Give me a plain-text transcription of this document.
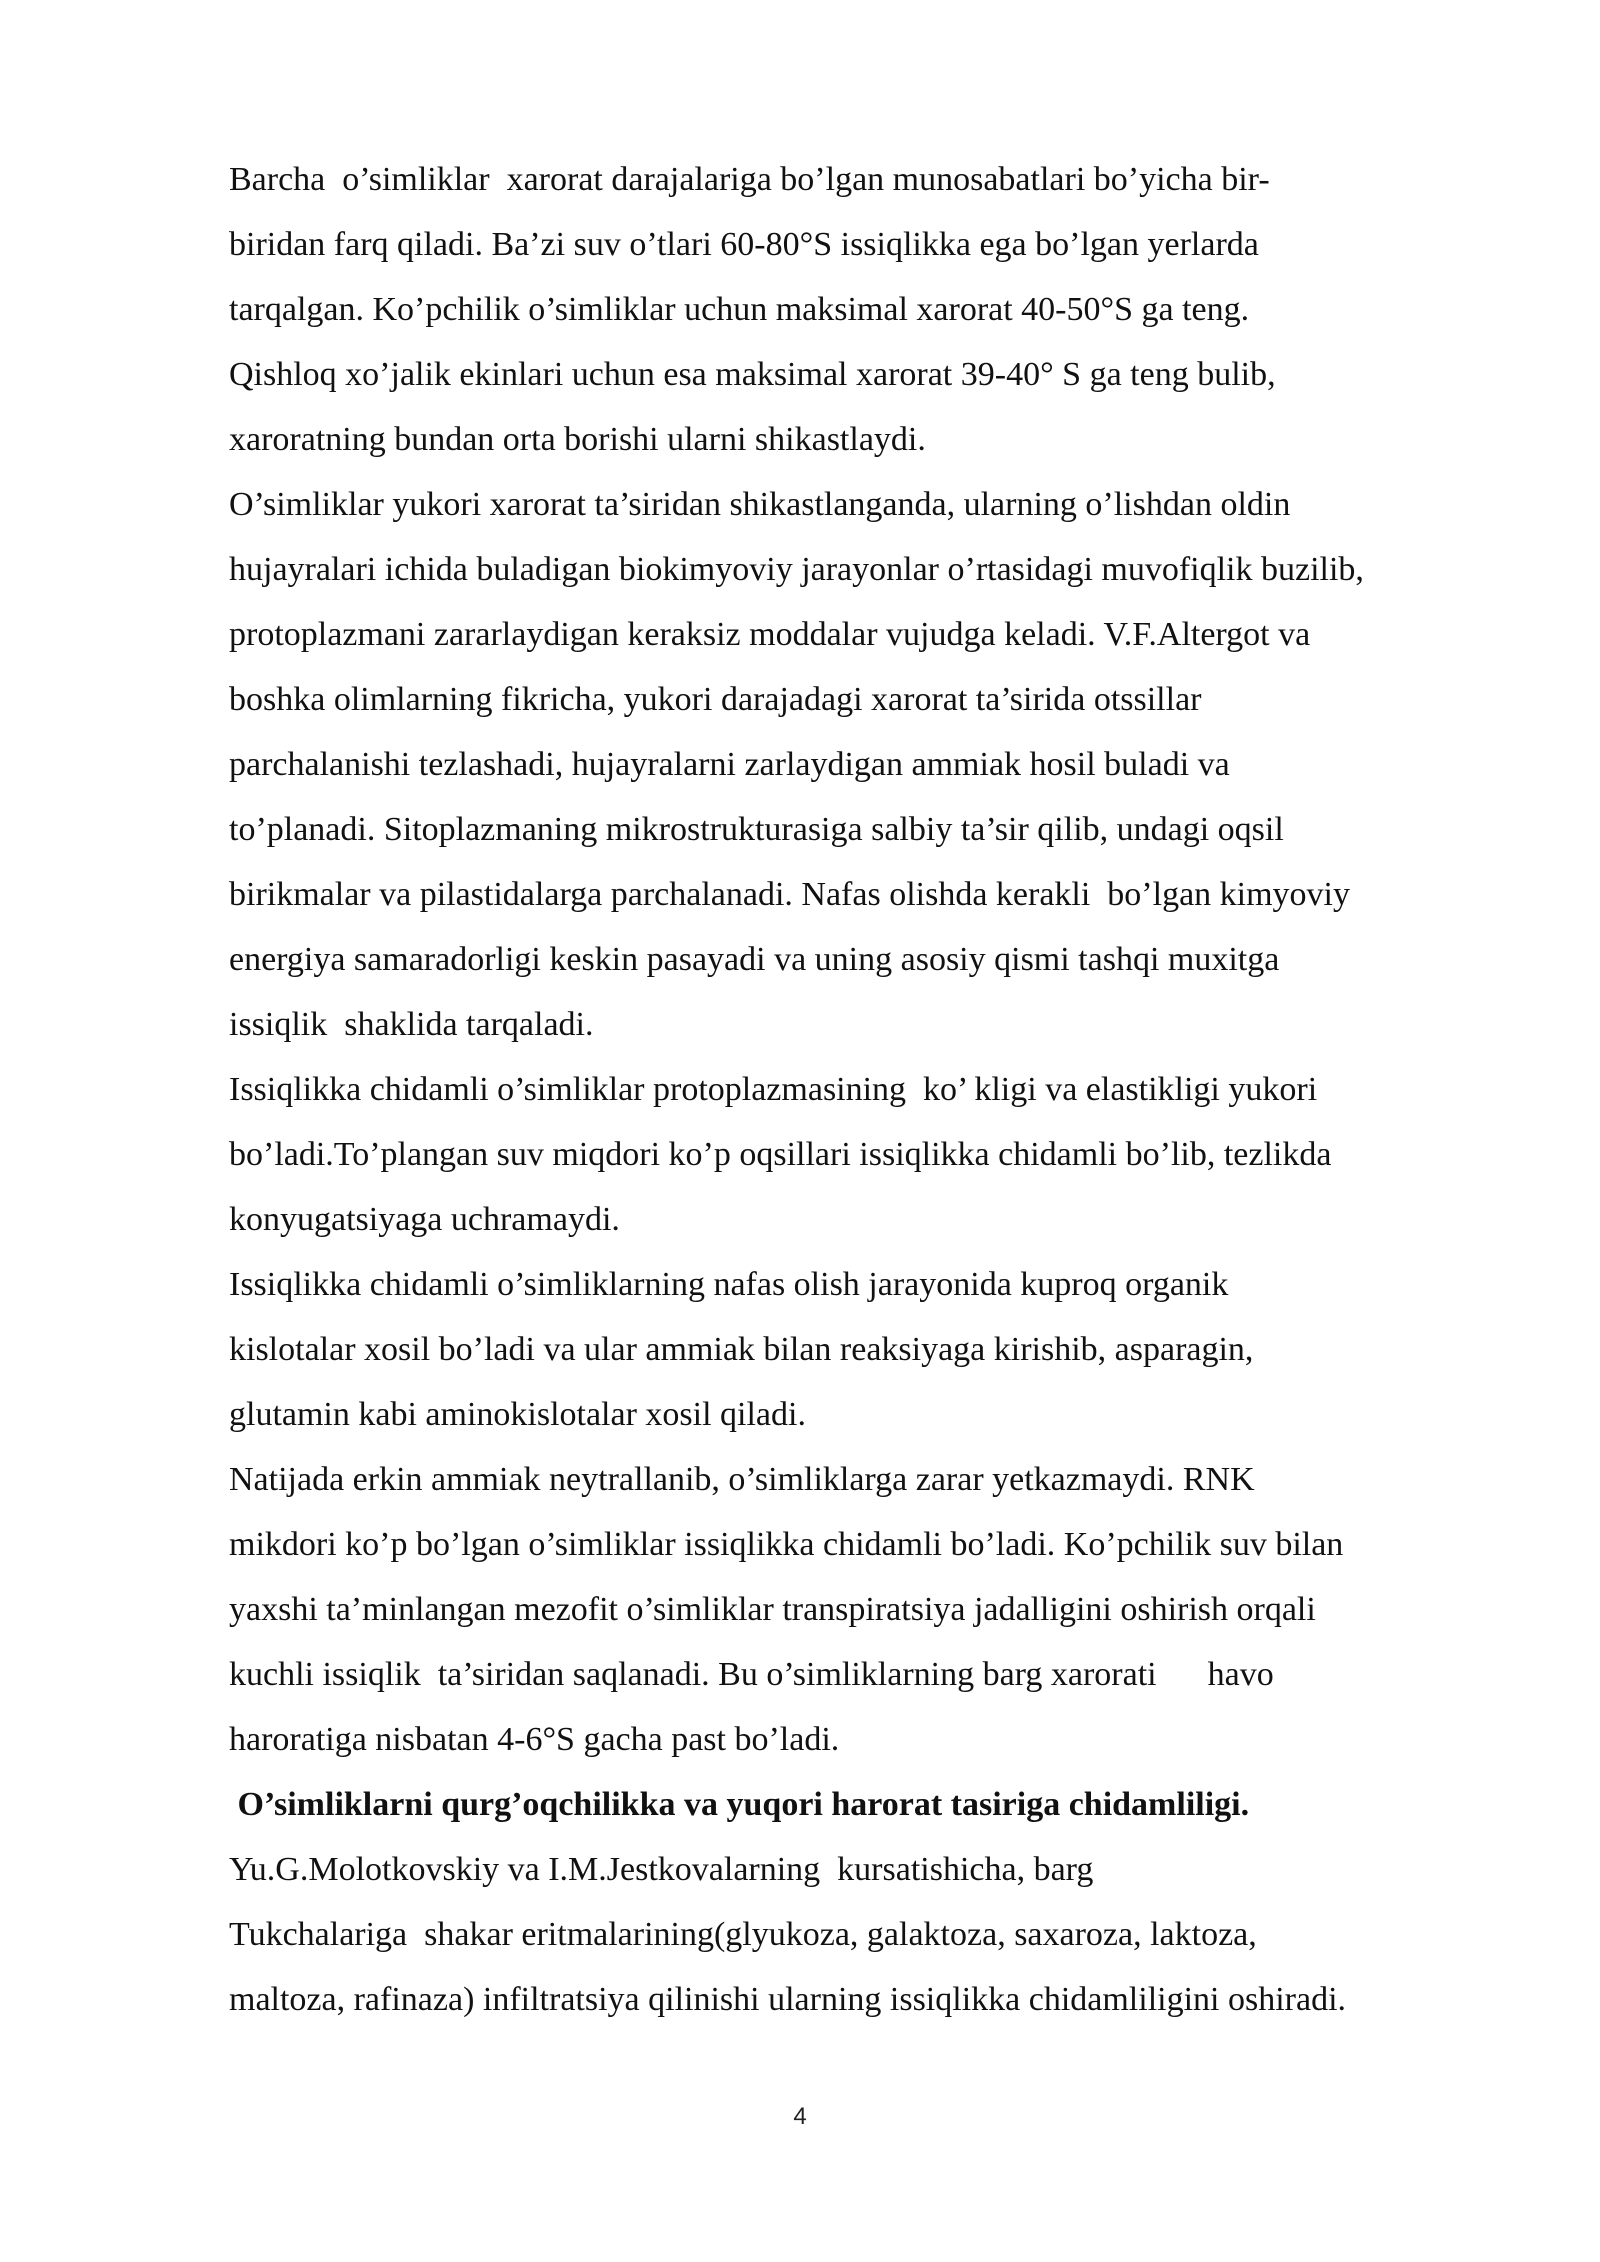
Barcha  o’simliklar  xarorat darajalariga bo’lgan munosabatlari bo’yicha bir-

biridan farq qiladi. Ba’zi suv o’tlari 60-80°S issiqlikka ega bo’lgan yerlarda

tarqalgan. Ko’pchilik o’simliklar uchun maksimal xarorat 40-50°S ga teng.

Qishloq xo’jalik ekinlari uchun esa maksimal xarorat 39-40° S ga teng bulib,

xaroratning bundan orta borishi ularni shikastlaydi.

O’simliklar yukori xarorat ta’siridan shikastlanganda, ularning o’lishdan oldin

hujayralari ichida buladigan biokimyoviy jarayonlar o’rtasidagi muvofiqlik buzilib,

protoplazmani zararlaydigan keraksiz moddalar vujudga keladi. V.F.Altergot va

boshka olimlarning fikricha, yukori darajadagi xarorat ta’sirida otssillar

parchalanishi tezlashadi, hujayralarni zarlaydigan ammiak hosil buladi va

to’planadi. Sitoplazmaning mikrostrukturasiga salbiy ta’sir qilib, undagi oqsil

birikmalar va pilastidalarga parchalanadi. Nafas olishda kerakli  bo’lgan kimyoviy

energiya samaradorligi keskin pasayadi va uning asosiy qismi tashqi muxitga

issiqlik  shaklida tarqaladi.

Issiqlikka chidamli o’simliklar protoplazmasining  ko’ kligi va elastikligi yukori

bo’ladi.To’plangan suv miqdori ko’p oqsillari issiqlikka chidamli bo’lib, tezlikda

konyugatsiyaga uchramaydi.

Issiqlikka chidamli o’simliklarning nafas olish jarayonida kuproq organik

kislotalar xosil bo’ladi va ular ammiak bilan reaksiyaga kirishib, asparagin,

glutamin kabi aminokislotalar xosil qiladi.

Natijada erkin ammiak neytrallanib, o’simliklarga zarar yetkazmaydi. RNK

mikdori ko’p bo’lgan o’simliklar issiqlikka chidamli bo’ladi. Ko’pchilik suv bilan

yaxshi ta’minlangan mezofit o’simliklar transpiratsiya jadalligini oshirish orqali

kuchli issiqlik  ta’siridan saqlanadi. Bu o’simliklarning barg xarorati      havo

haroratiga nisbatan 4-6°S gacha past bo’ladi.

O’simliklarni qurg’oqchilikka va yuqori harorat tasiriga chidamliligi.

Yu.G.Molotkovskiy va I.M.Jestkovalarning  kursatishicha, barg

Tukchalariga  shakar eritmalarining(glyukoza, galaktoza, saxaroza, laktoza,

maltoza, rafinaza) infiltratsiya qilinishi ularning issiqlikka chidamliligini oshiradi.

4
